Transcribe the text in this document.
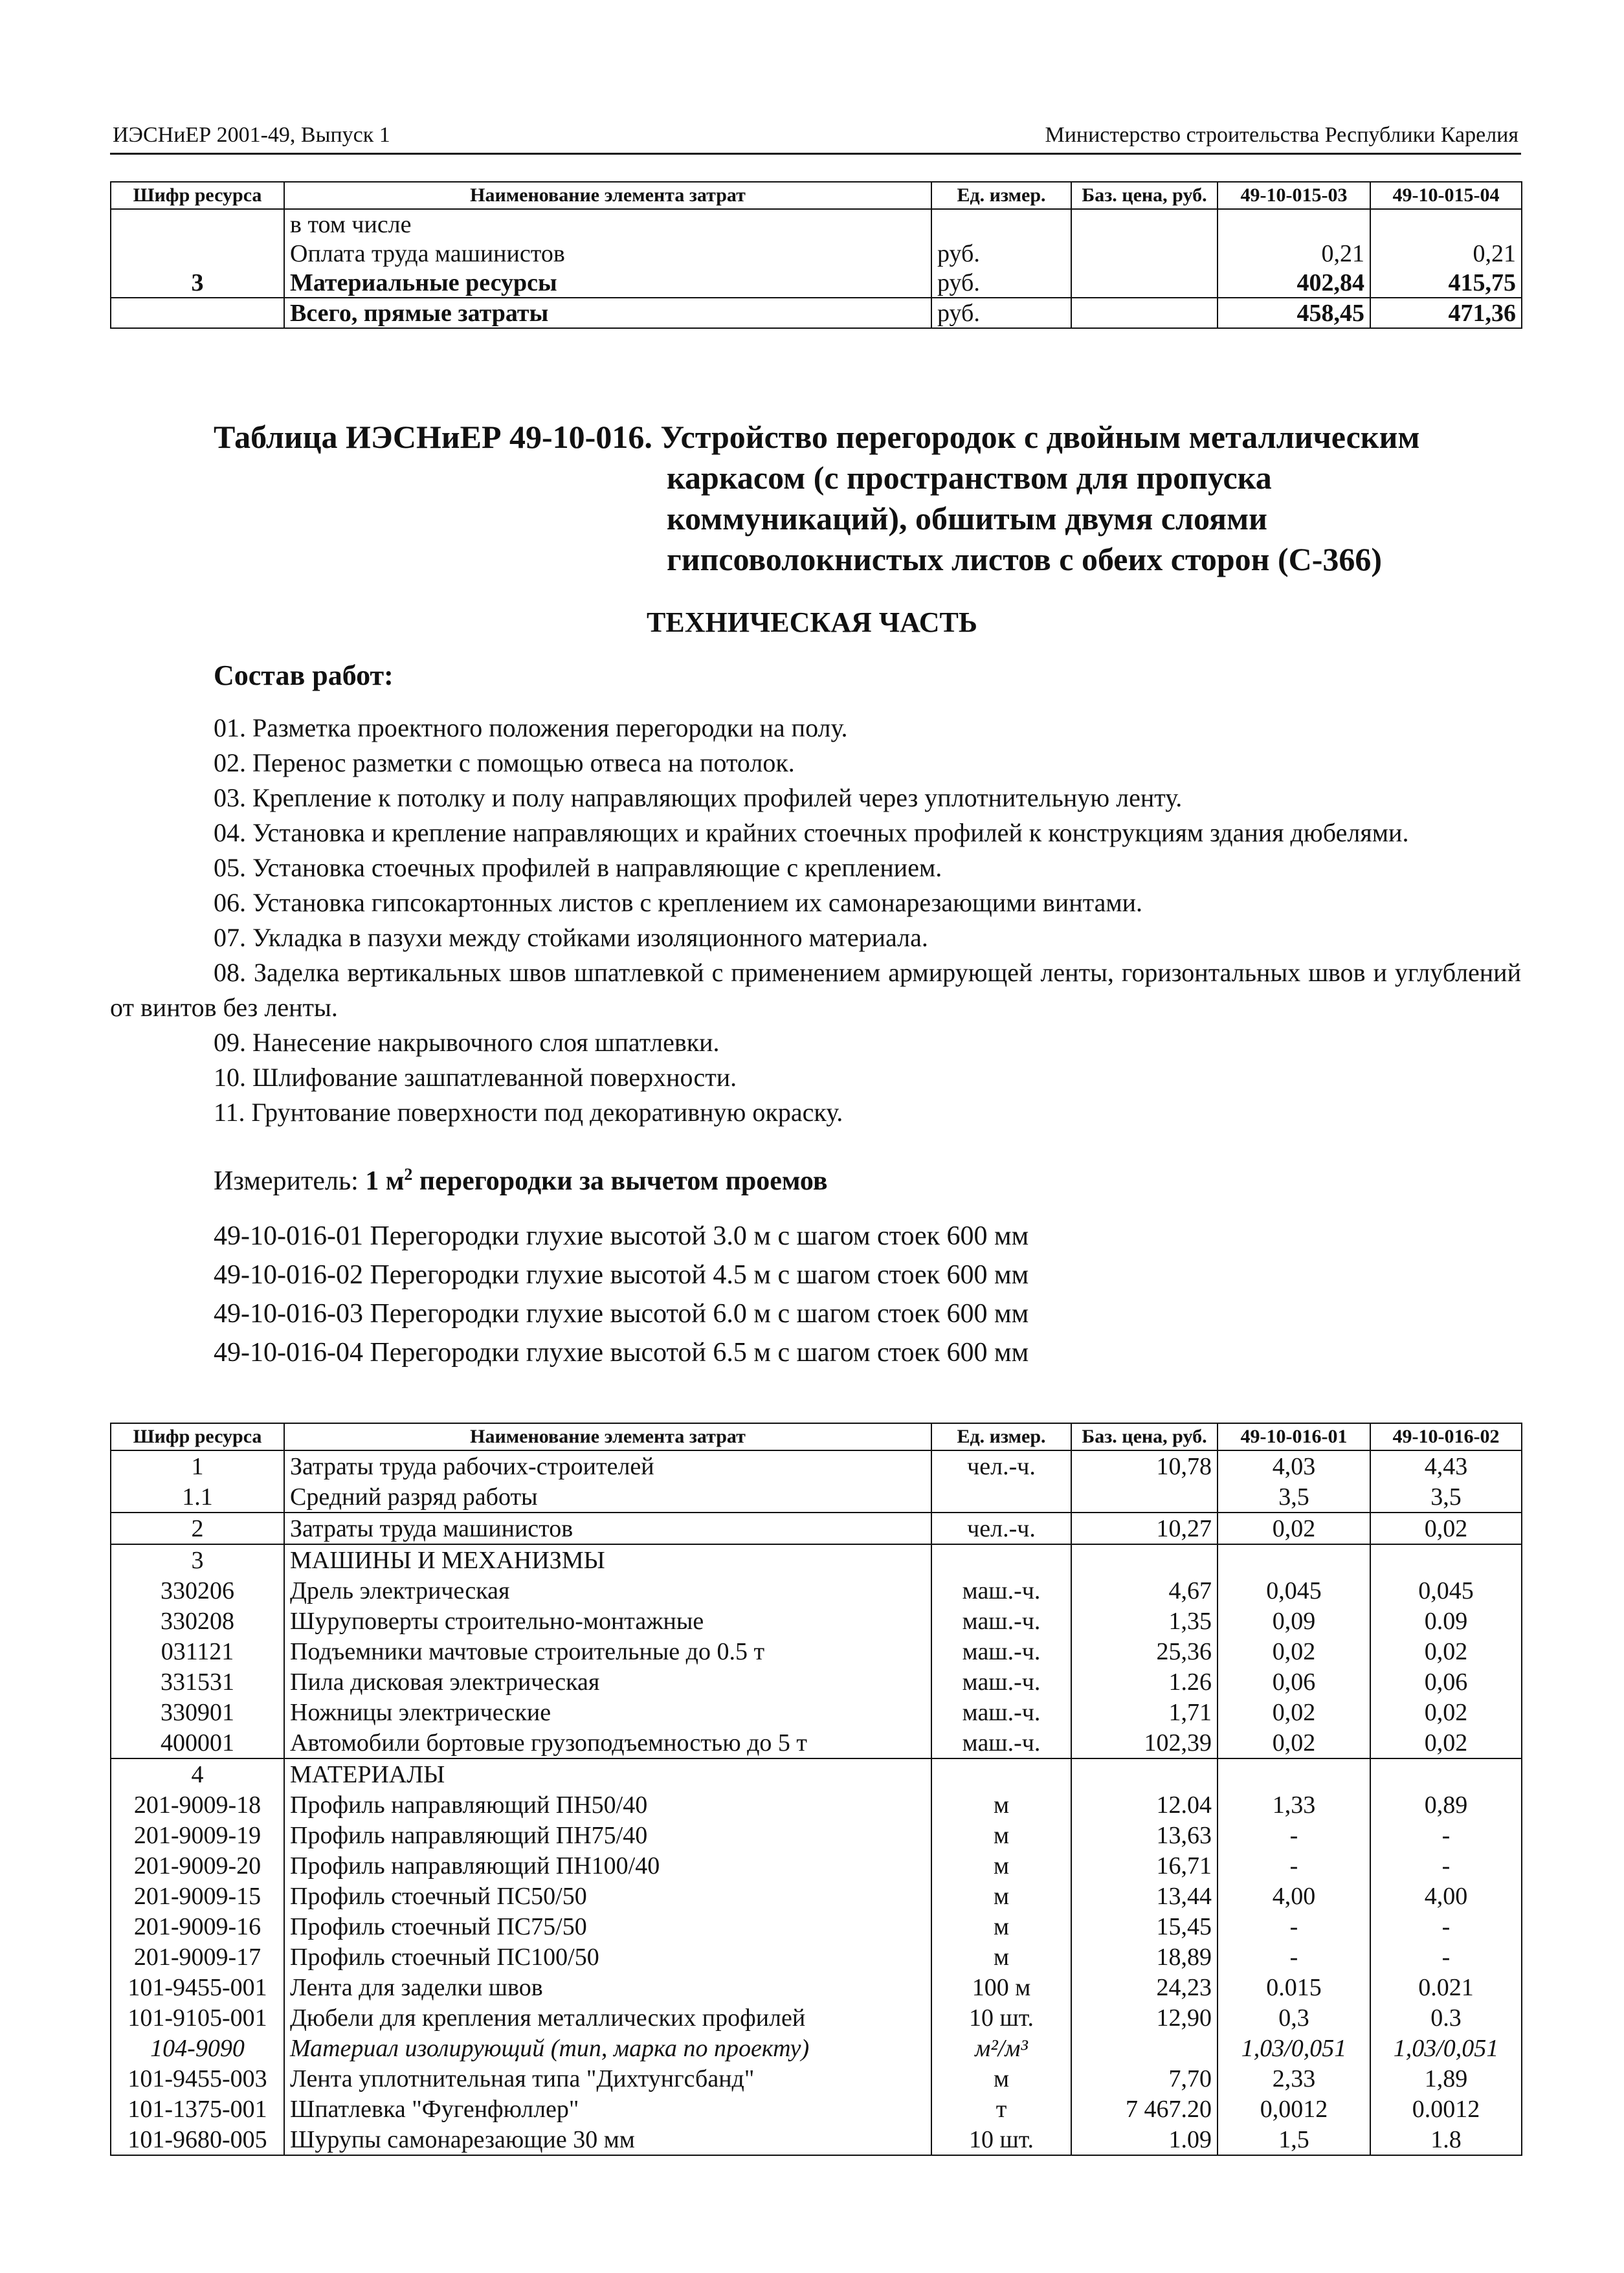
ИЭСНиЕР 2001-49, Выпуск 1	Министерство строительства Республики Карелия
Шифр ресурса	Наименование элемента затрат	Ед. измер.	Баз. цена, руб.	49-10-015-03	49-10-015-04
	в том числе				
	Оплата труда машинистов	руб.		0,21	0,21
3	Материальные ресурсы	руб.		402,84	415,75
	Всего, прямые затраты	руб.		458,45	471,36
Таблица ИЭСНиЕР 49-10-016. Устройство перегородок с двойным металлическим
каркасом (с пространством для пропуска
коммуникаций), обшитым двумя слоями
гипсоволокнистых листов с обеих сторон (С-366)
ТЕХНИЧЕСКАЯ ЧАСТЬ
Состав работ:
01. Разметка проектного положения перегородки на полу.
02. Перенос разметки с помощью отвеса на потолок.
03. Крепление к потолку и полу направляющих профилей через уплотнительную ленту.
04. Установка и крепление направляющих и крайних стоечных профилей к конструкциям здания дюбелями.
05. Установка стоечных профилей в направляющие с креплением.
06. Установка гипсокартонных листов с креплением их самонарезающими винтами.
07. Укладка в пазухи между стойками изоляционного материала.
08. Заделка вертикальных швов шпатлевкой с применением армирующей ленты, горизонтальных швов и углублений от винтов без ленты.
09. Нанесение накрывочного слоя шпатлевки.
10. Шлифование зашпатлеванной поверхности.
11. Грунтование поверхности под декоративную окраску.
Измеритель: 1 $м^2$ перегородки за вычетом проемов
49-10-016-01 Перегородки глухие высотой 3.0 м с шагом стоек 600 мм
49-10-016-02 Перегородки глухие высотой 4.5 м с шагом стоек 600 мм
49-10-016-03 Перегородки глухие высотой 6.0 м с шагом стоек 600 мм
49-10-016-04 Перегородки глухие высотой 6.5 м с шагом стоек 600 мм
Шифр ресурса	Наименование элемента затрат	Ед. измер.	Баз. цена, руб.	49-10-016-01	49-10-016-02
1	Затраты труда рабочих-строителей	чел.-ч.	10,78	4,03	4,43
1.1	Средний разряд работы			3,5	3,5
2	Затраты труда машинистов	чел.-ч.	10,27	0,02	0,02
3	МАШИНЫ И МЕХАНИЗМЫ				
330206	Дрель электрическая	маш.-ч.	4,67	0,045	0,045
330208	Шуруповерты строительно-монтажные	маш.-ч.	1,35	0,09	0.09
031121	Подъемники мачтовые строительные до 0.5 т	маш.-ч.	25,36	0,02	0,02
331531	Пила дисковая электрическая	маш.-ч.	1.26	0,06	0,06
330901	Ножницы электрические	маш.-ч.	1,71	0,02	0,02
400001	Автомобили бортовые грузоподъемностью до 5 т	маш.-ч.	102,39	0,02	0,02
4	МАТЕРИАЛЫ				
201-9009-18	Профиль направляющий ПН50/40	м	12.04	1,33	0,89
201-9009-19	Профиль направляющий ПН75/40	м	13,63	-	-
201-9009-20	Профиль направляющий ПН100/40	м	16,71	-	-
201-9009-15	Профиль стоечный ПС50/50	м	13,44	4,00	4,00
201-9009-16	Профиль стоечный ПС75/50	м	15,45	-	-
201-9009-17	Профиль стоечный ПС100/50	м	18,89	-	-
101-9455-001	Лента для заделки швов	100 м	24,23	0.015	0.021
101-9105-001	Дюбели для крепления металлических профилей	10 шт.	12,90	0,3	0.3
104-9090	Материал изолирующий (тип, марка по проекту)	м²/м³		1,03/0,051	1,03/0,051
101-9455-003	Лента уплотнительная типа "Дихтунгсбанд"	м	7,70	2,33	1,89
101-1375-001	Шпатлевка "Фугенфюллер"	т	7 467.20	0,0012	0.0012
101-9680-005	Шурупы самонарезающие 30 мм	10 шт.	1.09	1,5	1.8
